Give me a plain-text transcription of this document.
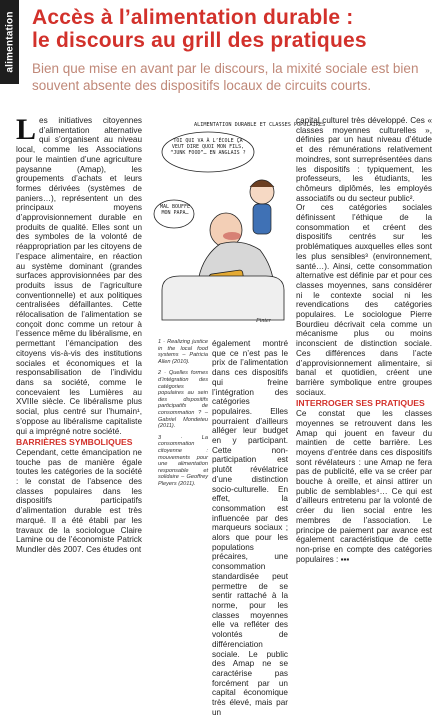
alimentation Accès à l’alimentation durable :
le discours au grill des pratiques
Bien que mise en avant par le discours, la mixité sociale est bien souvent absente des dispositifs locaux de circuits courts.

Les initiatives citoyennes d’alimentation alternative qui s’organisent au niveau local, comme les Associations pour le maintien d’une agriculture paysanne (Amap), les groupements d’achats et leurs formes dérivées (systèmes de paniers…), représentent un des principaux moyens d’approvisionnement durable en produits de qualité. Elles sont un des symboles de la volonté de réappropriation par les citoyens de l’espace alimentaire, en réaction au système dominant (grandes surfaces approvisionnées par des produits issus de l’agriculture conventionnelle) et aux politiques centralisées défaillantes. Cette rélocalisation de l’alimentation se conçoit donc comme un retour à l’essence même du libéralisme, en permettant l’émancipation des citoyens vis-à-vis des institutions sociales et économiques et la responsabilisation de l’individu dans sa société, comme le concevaient les Lumières au XVIIIe siècle. Ce libéralisme plus social, plus centré sur l’humain¹, s’oppose au libéralisme capitaliste qui a imprégné notre société.

BARRIÈRES SYMBOLIQUES

Cependant, cette émancipation ne touche pas de manière égale toutes les catégories de la société : le constat de l’absence des classes populaires dans les dispositifs participatifs d’alimentation durable est très marqué. Il a été établi par les travaux de la sociologue Claire Lamine ou de l’économiste Patrick Mundler dès 2007. Ces études ont

ALIMENTATION DURABLE ET CLASSES POPULAIRES
TOI QUI VA À L’ÉCOLE ÇA VEUT DIRE QUOI MON FILS, “JUNK FOOD”… EN ANGLAIS ?
MAL BOUFFE MON PAPA…
Pinter
1 · Realizing justice in the local food systems – Patricia Allen (2010).
2 · Quelles formes d’intégration des catégories populaires au sein des dispositifs participatifs de consommation ? – Gabriel Mondeteu (2011).
3 · La consommation citoyenne : mouvements pour une alimentation responsable et solidaire – Geoffrey Pleyers (2011).

également montré que ce n’est pas le prix de l’alimentation dans ces dispositifs qui freine l’intégration des catégories populaires. Elles pourraient d’ailleurs alléger leur budget en y participant. Cette non-participation est plutôt révélatrice d’une distinction socio-culturelle. En effet, la consommation est influencée par des marqueurs sociaux ; alors que pour les populations précaires, une consommation standardisée peut permettre de se sentir rattaché à la norme, pour les classes moyennes elle va refléter des volontés de différenciation sociale. Le public des Amap ne se caractérise pas forcément par un capital économique très élevé, mais par un

capital culturel très développé. Ces « classes moyennes culturelles », définies par un haut niveau d’étude et des rémunérations relativement moindres, sont surreprésentées dans les dispositifs : typiquement, les professeurs, les étudiants, les chômeurs diplômés, les employés associatifs ou du secteur public².

Or ces catégories sociales définissent l’éthique de la consommation et créent des dispositifs centrés sur les problématiques auxquelles elles sont les plus sensibles³ (environnement, santé…). Ainsi, cette consommation alternative est définie par et pour ces classes moyennes, sans considérer ni le contexte social ni les revendications des catégories populaires. Le sociologue Pierre Bourdieu décrivait cela comme un mécanisme plus ou moins inconscient de distinction sociale. Ces différences dans l’acte d’approvisionnement alimentaire, si banal et quotidien, créent une barrière symbolique entre groupes sociaux.

INTERROGER SES PRATIQUES

Ce constat que les classes moyennes se retrouvent dans les Amap qui jouent en faveur du maintien de cette barrière. Les moyens d’entrée dans ces dispositifs sont révélateurs : une Amap ne fera pas de publicité, elle va se créer par bouche à oreille, et ainsi attirer un public de semblables⁴… Ce qui est d’ailleurs entretenu par la volonté de créer du lien social entre les membres de l’association. Le principe de paiement par avance est également caractéristique de cette non-prise en compte des catégories populaires : ▪▪▪
